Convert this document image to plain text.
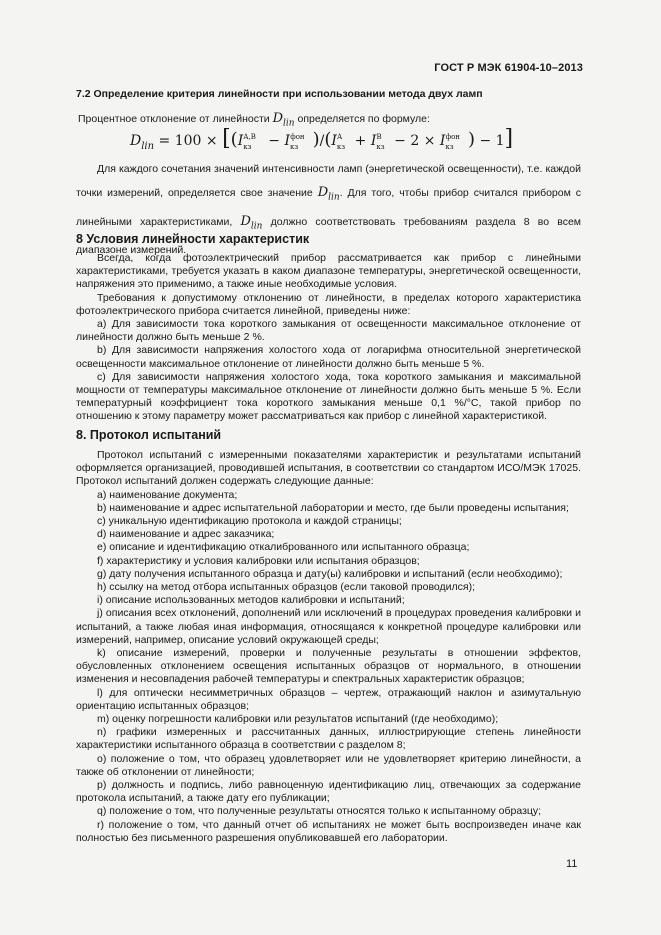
ГОСТ Р МЭК 61904-10–2013
7.2 Определение критерия линейности при использовании метода двух ламп
Процентное отклонение от линейности $D_{lin}$ определяется по формуле:
$D_{lin} = 100 \times [(I_{кз}^{A,B} - I_{кз}^{фон}$ )$/(I_{кз}^A + I_{кз}^B - 2 \times I_{кз}^{фон}$ ) − 1]

Для каждого сочетания значений интенсивности ламп (энергетической освещенности), т.е. каждой точки измерений, определяется свое значение $D_{lin}$. Для того, чтобы прибор считался прибором с линейными характеристиками, $D_{lin}$ должно соответствовать требованиям раздела 8 во всем диапазоне измерений.

8 Условия линейности характеристик

Всегда, когда фотоэлектрический прибор рассматривается как прибор с линейными характеристиками, требуется указать в каком диапазоне температуры, энергетической освещенности, напряжения это применимо, а также иные необходимые условия.

Требования к допустимому отклонению от линейности, в пределах которого характеристика фотоэлектрического прибора считается линейной, приведены ниже:

a) Для зависимости тока короткого замыкания от освещенности максимальное отклонение от линейности должно быть меньше 2 %.

b) Для зависимости напряжения холостого хода от логарифма относительной энергетической освещенности максимальное отклонение от линейности должно быть меньше 5 %.

c) Для зависимости напряжения холостого хода, тока короткого замыкания и максимальной мощности от температуры максимальное отклонение от линейности должно быть меньше 5 %. Если температурный коэффициент тока короткого замыкания меньше 0,1 %/°С, такой прибор по отношению к этому параметру может рассматриваться как прибор с линейной характеристикой.

8. Протокол испытаний

Протокол испытаний с измеренными показателями характеристик и результатами испытаний оформляется организацией, проводившей испытания, в соответствии со стандартом ИСО/МЭК 17025. Протокол испытаний должен содержать следующие данные:

a) наименование документа;

b) наименование и адрес испытательной лаборатории и место, где были проведены испытания;

c) уникальную идентификацию протокола и каждой страницы;

d) наименование и адрес заказчика;

e) описание и идентификацию откалиброванного или испытанного образца;

f) характеристику и условия калибровки или испытания образцов;

g) дату получения испытанного образца и дату(ы) калибровки и испытаний (если необходимо);

h) ссылку на метод отбора испытанных образцов (если таковой проводился);

i) описание использованных методов калибровки и испытаний;

j) описания всех отклонений, дополнений или исключений в процедурах проведения калибровки и испытаний, а также любая иная информация, относящаяся к конкретной процедуре калибровки или измерений, например, описание условий окружающей среды;

k) описание измерений, проверки и полученные результаты в отношении эффектов, обусловленных отклонением освещения испытанных образцов от нормального, в отношении изменения и несовпадения рабочей температуры и спектральных характеристик образцов;

l) для оптически несимметричных образцов – чертеж, отражающий наклон и азимутальную ориентацию испытанных образцов;

m) оценку погрешности калибровки или результатов испытаний (где необходимо);

n) графики измеренных и рассчитанных данных, иллюстрирующие степень линейности характеристики испытанного образца в соответствии с разделом 8;

o) положение о том, что образец удовлетворяет или не удовлетворяет критерию линейности, а также об отклонении от линейности;

p) должность и подпись, либо равноценную идентификацию лиц, отвечающих за содержание протокола испытаний, а также дату его публикации;

q) положение о том, что полученные результаты относятся только к испытанному образцу;

r) положение о том, что данный отчет об испытаниях не может быть воспроизведен иначе как полностью без письменного разрешения опубликовавшей его лаборатории.

11
